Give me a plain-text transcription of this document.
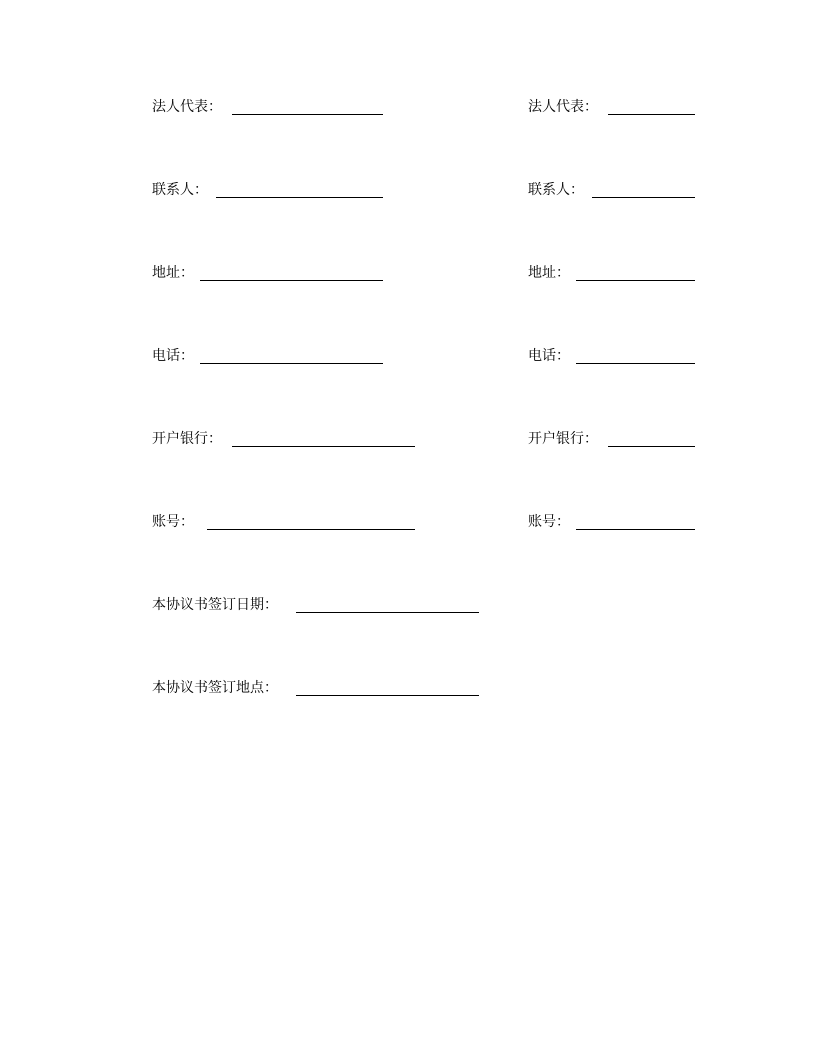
法人代表：	法人代表：
联系人：	联系人：
地址：	地址：
电话：	电话：
开户银行：	开户银行：
账号：	账号：
本协议书签订日期：
本协议书签订地点：
